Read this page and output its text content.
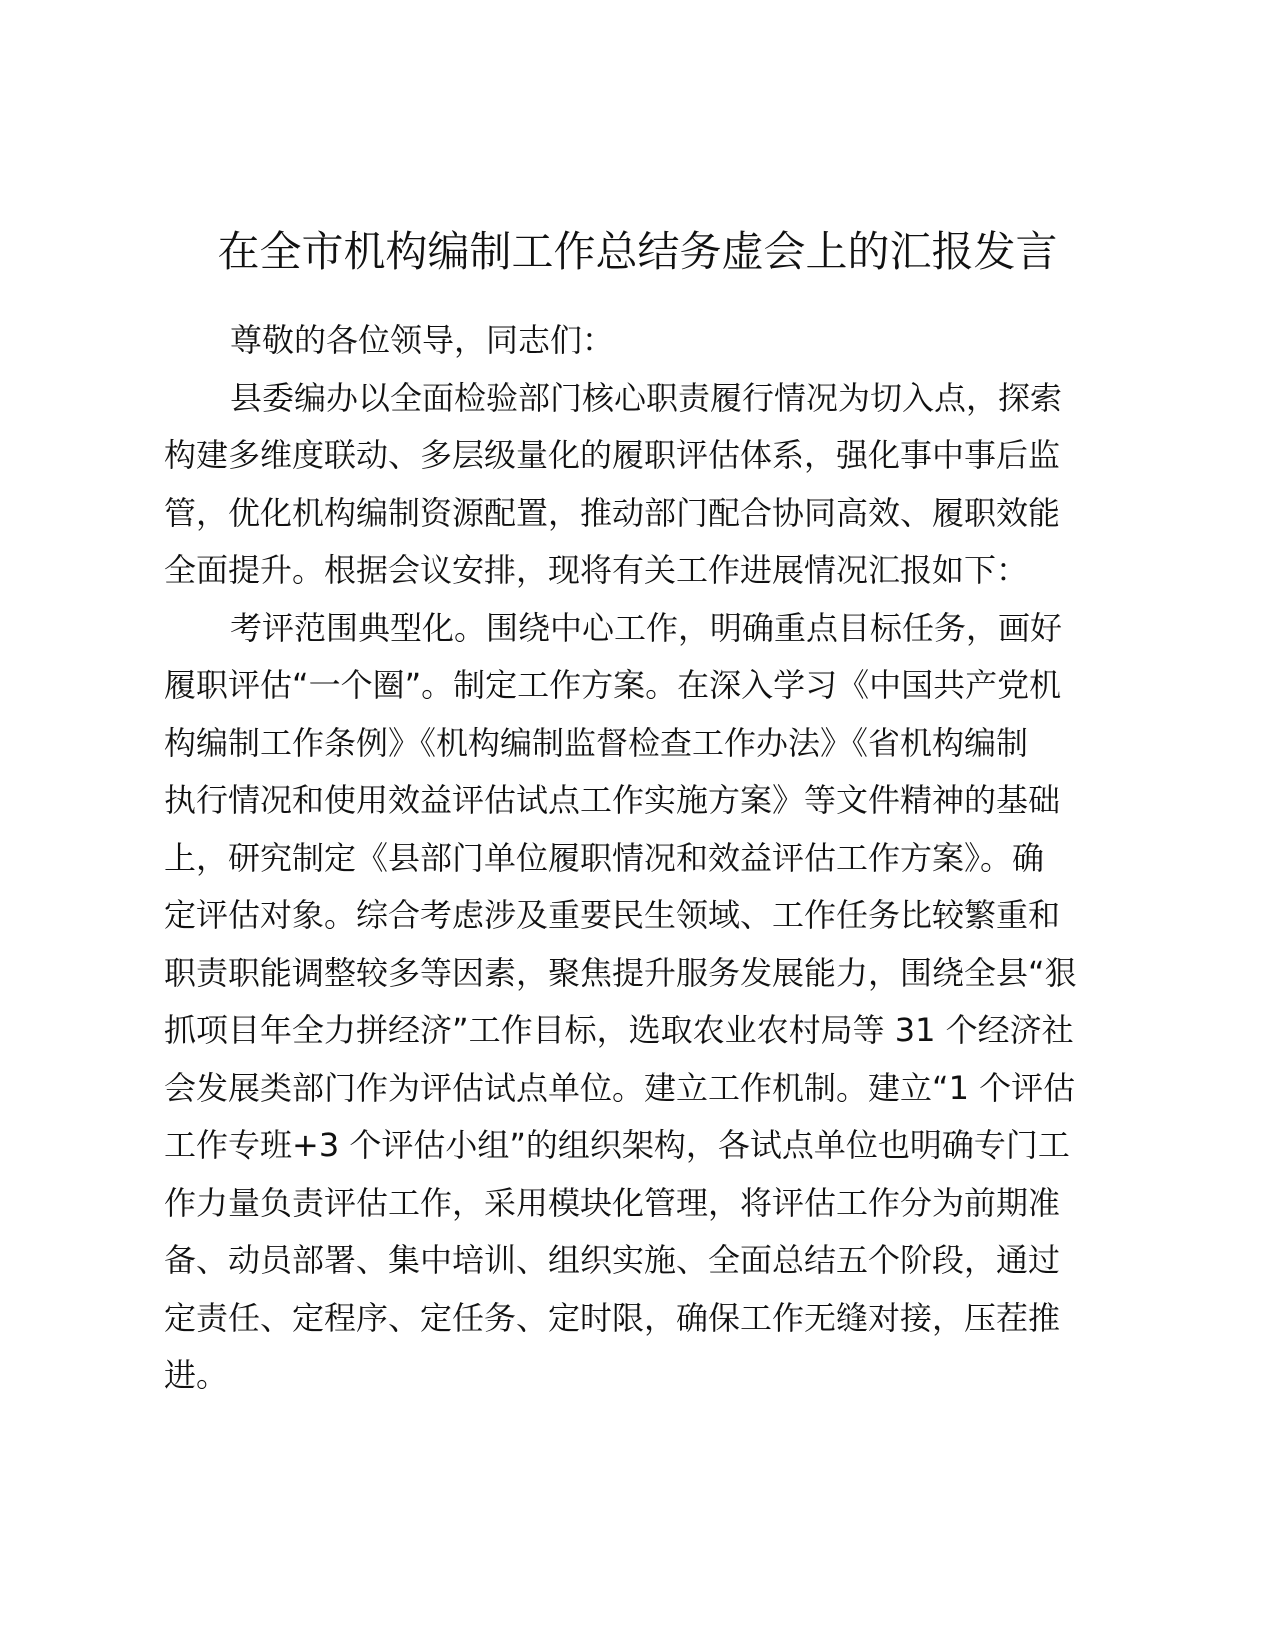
在全市机构编制工作总结务虚会上的汇报发言
尊敬的各位领导，同志们：
县委编办以全面检验部门核心职责履行情况为切入点，探索
构建多维度联动、多层级量化的履职评估体系，强化事中事后监
管，优化机构编制资源配置，推动部门配合协同高效、履职效能
全面提升。根据会议安排，现将有关工作进展情况汇报如下：
考评范围典型化。围绕中心工作，明确重点目标任务，画好
履职评估“一个圈”。制定工作方案。在深入学习《中国共产党机
构编制工作条例》《机构编制监督检查工作办法》《省机构编制
执行情况和使用效益评估试点工作实施方案》等文件精神的基础
上，研究制定《县部门单位履职情况和效益评估工作方案》。确
定评估对象。综合考虑涉及重要民生领域、工作任务比较繁重和
职责职能调整较多等因素，聚焦提升服务发展能力，围绕全县“狠
抓项目年全力拼经济”工作目标，选取农业农村局等 31 个经济社
会发展类部门作为评估试点单位。建立工作机制。建立“1 个评估
工作专班+3 个评估小组”的组织架构，各试点单位也明确专门工
作力量负责评估工作，采用模块化管理，将评估工作分为前期准
备、动员部署、集中培训、组织实施、全面总结五个阶段，通过
定责任、定程序、定任务、定时限，确保工作无缝对接，压茬推
进。
